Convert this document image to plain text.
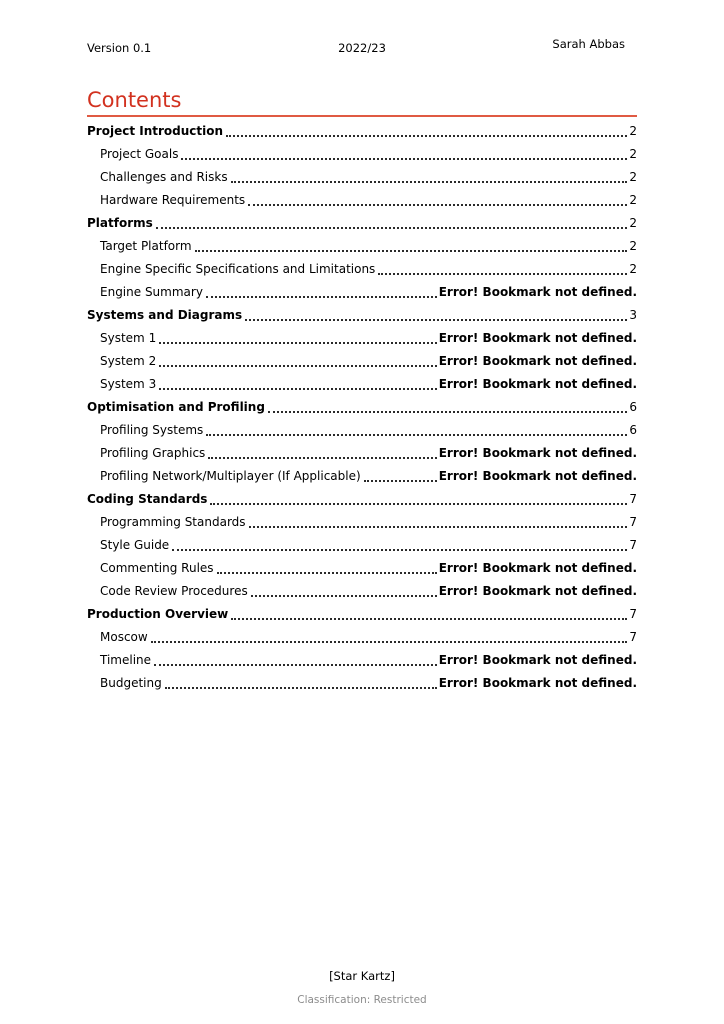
Version 0.1	2022/23	Sarah Abbas
Contents
Project Introduction	2
Project Goals	2
Challenges and Risks	2
Hardware Requirements	2
Platforms	2
Target Platform	2
Engine Specific Specifications and Limitations	2
Engine Summary	Error! Bookmark not defined.
Systems and Diagrams	3
System 1	Error! Bookmark not defined.
System 2	Error! Bookmark not defined.
System 3	Error! Bookmark not defined.
Optimisation and Profiling	6
Profiling Systems	6
Profiling Graphics	Error! Bookmark not defined.
Profiling Network/Multiplayer (If Applicable)	Error! Bookmark not defined.
Coding Standards	7
Programming Standards	7
Style Guide	7
Commenting Rules	Error! Bookmark not defined.
Code Review Procedures	Error! Bookmark not defined.
Production Overview	7
Moscow	7
Timeline	Error! Bookmark not defined.
Budgeting	Error! Bookmark not defined.
[Star Kartz]
Classification: Restricted
